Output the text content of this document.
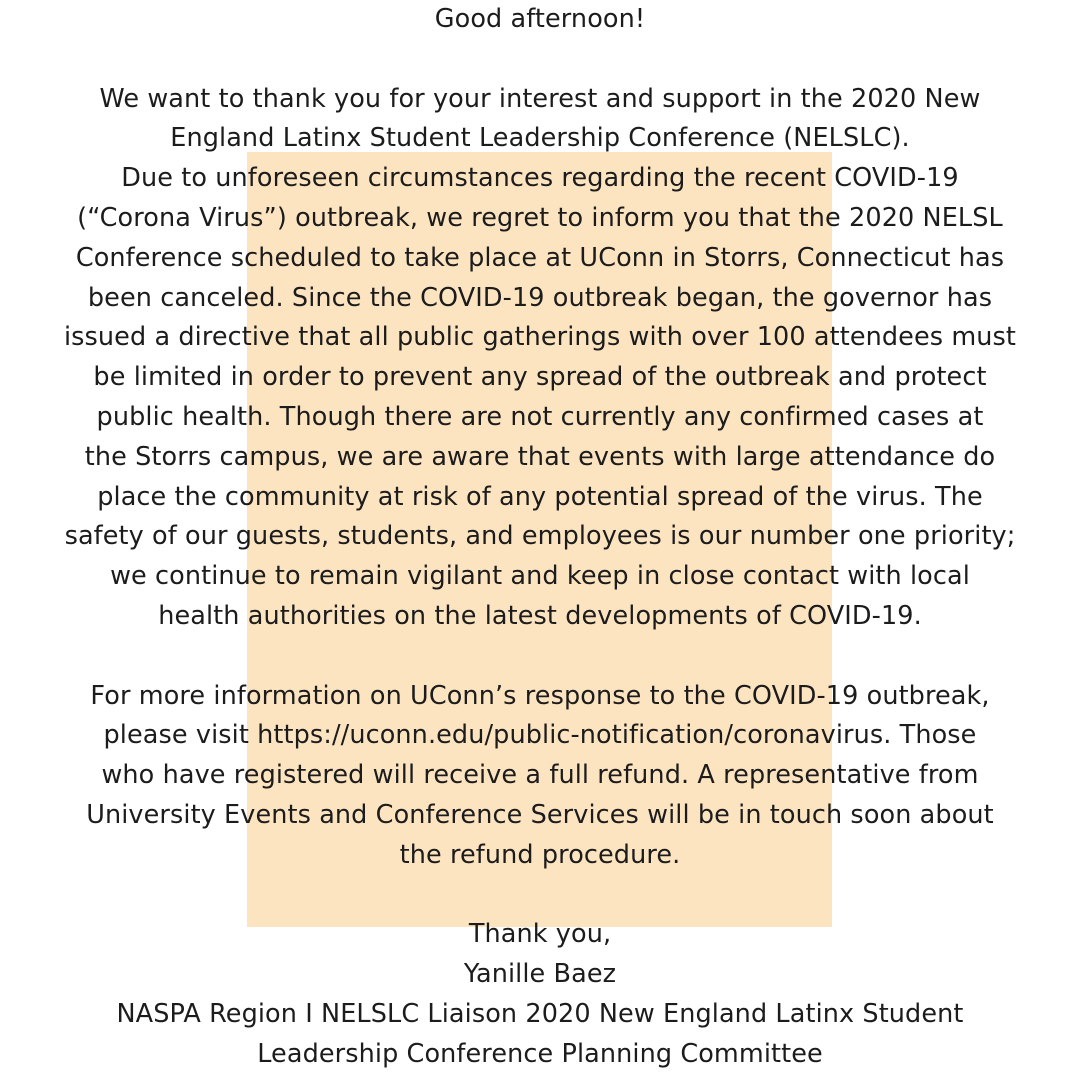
Good afternoon!
We want to thank you for your interest and support in the 2020 New
England Latinx Student Leadership Conference (NELSLC).
Due to unforeseen circumstances regarding the recent COVID-19
(“Corona Virus”) outbreak, we regret to inform you that the 2020 NELSL
Conference scheduled to take place at UConn in Storrs, Connecticut has
been canceled. Since the COVID-19 outbreak began, the governor has
issued a directive that all public gatherings with over 100 attendees must
be limited in order to prevent any spread of the outbreak and protect
public health. Though there are not currently any confirmed cases at
the Storrs campus, we are aware that events with large attendance do
place the community at risk of any potential spread of the virus. The
safety of our guests, students, and employees is our number one priority;
we continue to remain vigilant and keep in close contact with local
health authorities on the latest developments of COVID-19.
For more information on UConn’s response to the COVID-19 outbreak,
please visit https://uconn.edu/public-notification/coronavirus. Those
who have registered will receive a full refund. A representative from
University Events and Conference Services will be in touch soon about
the refund procedure.
Thank you,
Yanille Baez
NASPA Region I NELSLC Liaison 2020 New England Latinx Student
Leadership Conference Planning Committee
